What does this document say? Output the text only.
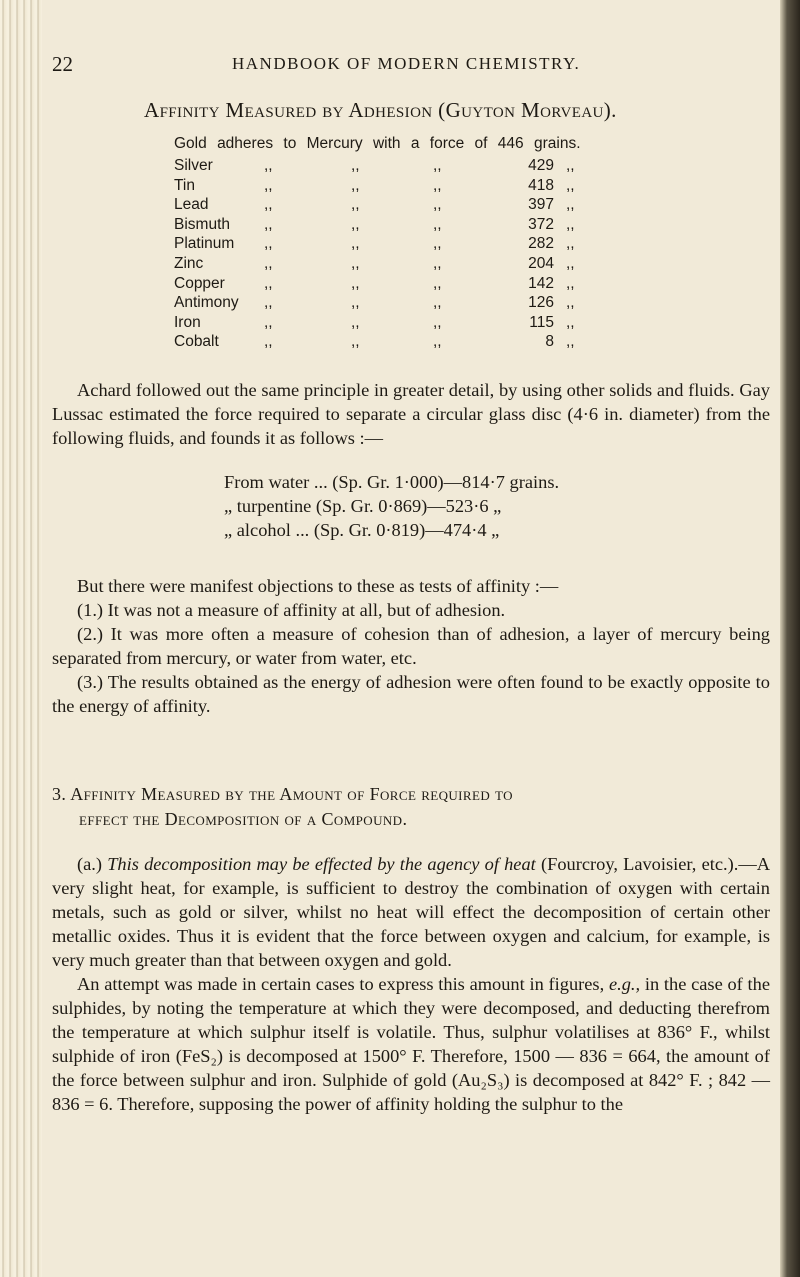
22	HANDBOOK OF MODERN CHEMISTRY.
Affinity Measured by Adhesion (Guyton Morveau).
Gold adheres to Mercury with a force of 446 grains.
Silver	,,	,,	,,	429 ,,
Tin	,,	,,	,,	418 ,,
Lead	,,	,,	,,	397 ,,
Bismuth ,,	,,	,,	372 ,,
Platinum ,,	,,	,,	282 ,,
Zinc	,,	,,	,,	204 ,,
Copper	,,	,,	,,	142 ,,
Antimony ,,	,,	,,	126 ,,
Iron	,,	,,	,,	115 ,,
Cobalt	,,	,,	,,	8 ,,

Achard followed out the same principle in greater detail, by using other solids and fluids. Gay Lussac estimated the force required to separate a circular glass disc (4·6 in. diameter) from the following fluids, and founds it as follows :—

From water ... (Sp. Gr. 1·000)—814·7 grains.
„ turpentine (Sp. Gr. 0·869)—523·6 „
„ alcohol ... (Sp. Gr. 0·819)—474·4 „

But there were manifest objections to these as tests of affinity :—

(1.) It was not a measure of affinity at all, but of adhesion.

(2.) It was more often a measure of cohesion than of adhesion, a layer of mercury being separated from mercury, or water from water, etc.

(3.) The results obtained as the energy of adhesion were often found to be exactly opposite to the energy of affinity.

3. Affinity Measured by the Amount of Force required to
effect the Decomposition of a Compound.

(a.) This decomposition may be effected by the agency of heat (Fourcroy, Lavoisier, etc.).—A very slight heat, for example, is sufficient to destroy the combination of oxygen with certain metals, such as gold or silver, whilst no heat will effect the decomposition of certain other metallic oxides. Thus it is evident that the force between oxygen and calcium, for example, is very much greater than that between oxygen and gold.

An attempt was made in certain cases to express this amount in figures, e.g., in the case of the sulphides, by noting the temperature at which they were decomposed, and deducting therefrom the temperature at which sulphur itself is volatile. Thus, sulphur volatilises at 836° F., whilst sulphide of iron (FeS₂) is decomposed at 1500° F. Therefore, 1500 — 836 = 664, the amount of the force between sulphur and iron. Sulphide of gold (Au₂S₃) is decomposed at 842° F. ; 842 — 836 = 6. Therefore, supposing the power of affinity holding the sulphur to the
